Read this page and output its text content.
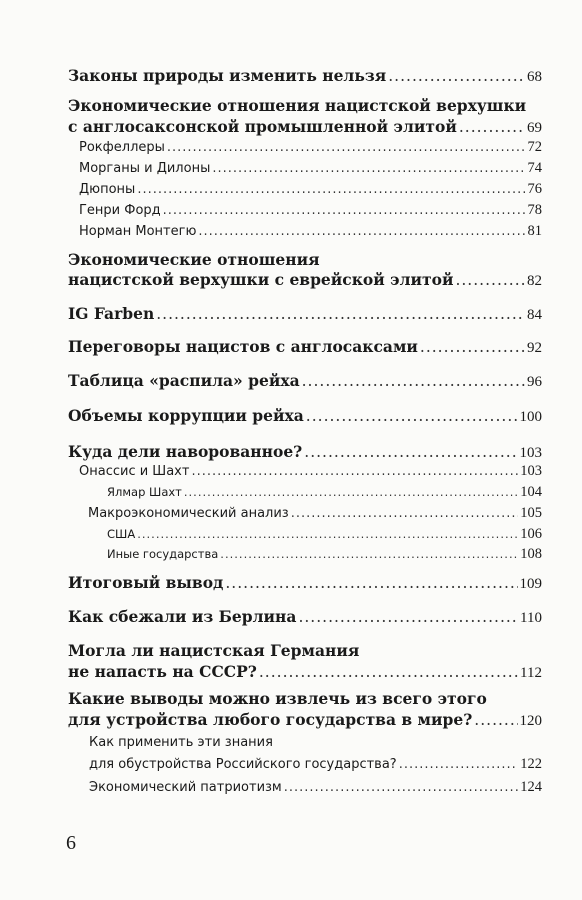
Законы природы изменить нельзя .....	68
Экономические отношения нацистской верхушки
с англосаксонской промышленной элитой .....	69
Рокфеллеры .....	72
Морганы и Дилоны .....	74
Дюпоны .....	76
Генри Форд .....	78
Норман Монтегю .....	81
Экономические отношения
нацистской верхушки с еврейской элитой .....	82
IG Farben .....	84
Переговоры нацистов с англосаксами .....	92
Таблица «распила» рейха .....	96
Объемы коррупции рейха .....	100
Куда дели наворованное? .....	103
Онассис и Шахт .....	103
Ялмар Шахт .....	104
Макроэкономический анализ .....	105
США .....	106
Иные государства .....	108
Итоговый вывод .....	109
Как сбежали из Берлина .....	110
Могла ли нацистская Германия
не напасть на СССР? .....	112
Какие выводы можно извлечь из всего этого
для устройства любого государства в мире? .....	120
Как применить эти знания
для обустройства Российского государства? .....	122
Экономический патриотизм .....	124
6
